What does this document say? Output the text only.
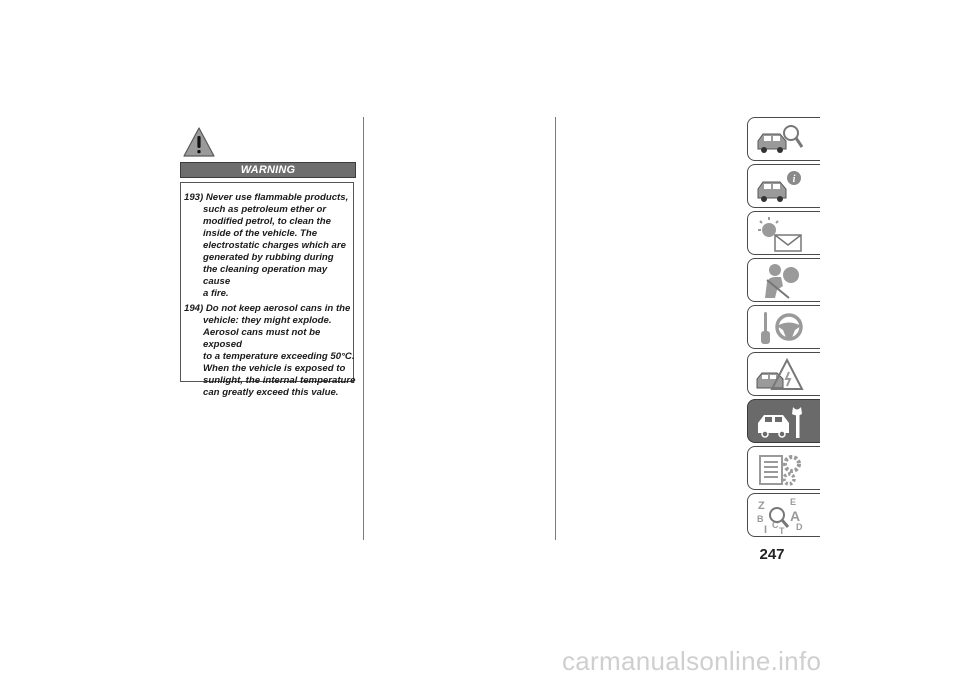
WARNING
193) Never use flammable products,
such as petroleum ether or
modified petrol, to clean the
inside of the vehicle. The
electrostatic charges which are
generated by rubbing during
the cleaning operation may cause
a fire.
194) Do not keep aerosol cans in the
vehicle: they might explode.
Aerosol cans must not be exposed
to a temperature exceeding 50°C.
When the vehicle is exposed to
sunlight, the internal temperature
can greatly exceed this value.
i
Z
B
I C
T
E
A
D
247
carmanualsonline.info
